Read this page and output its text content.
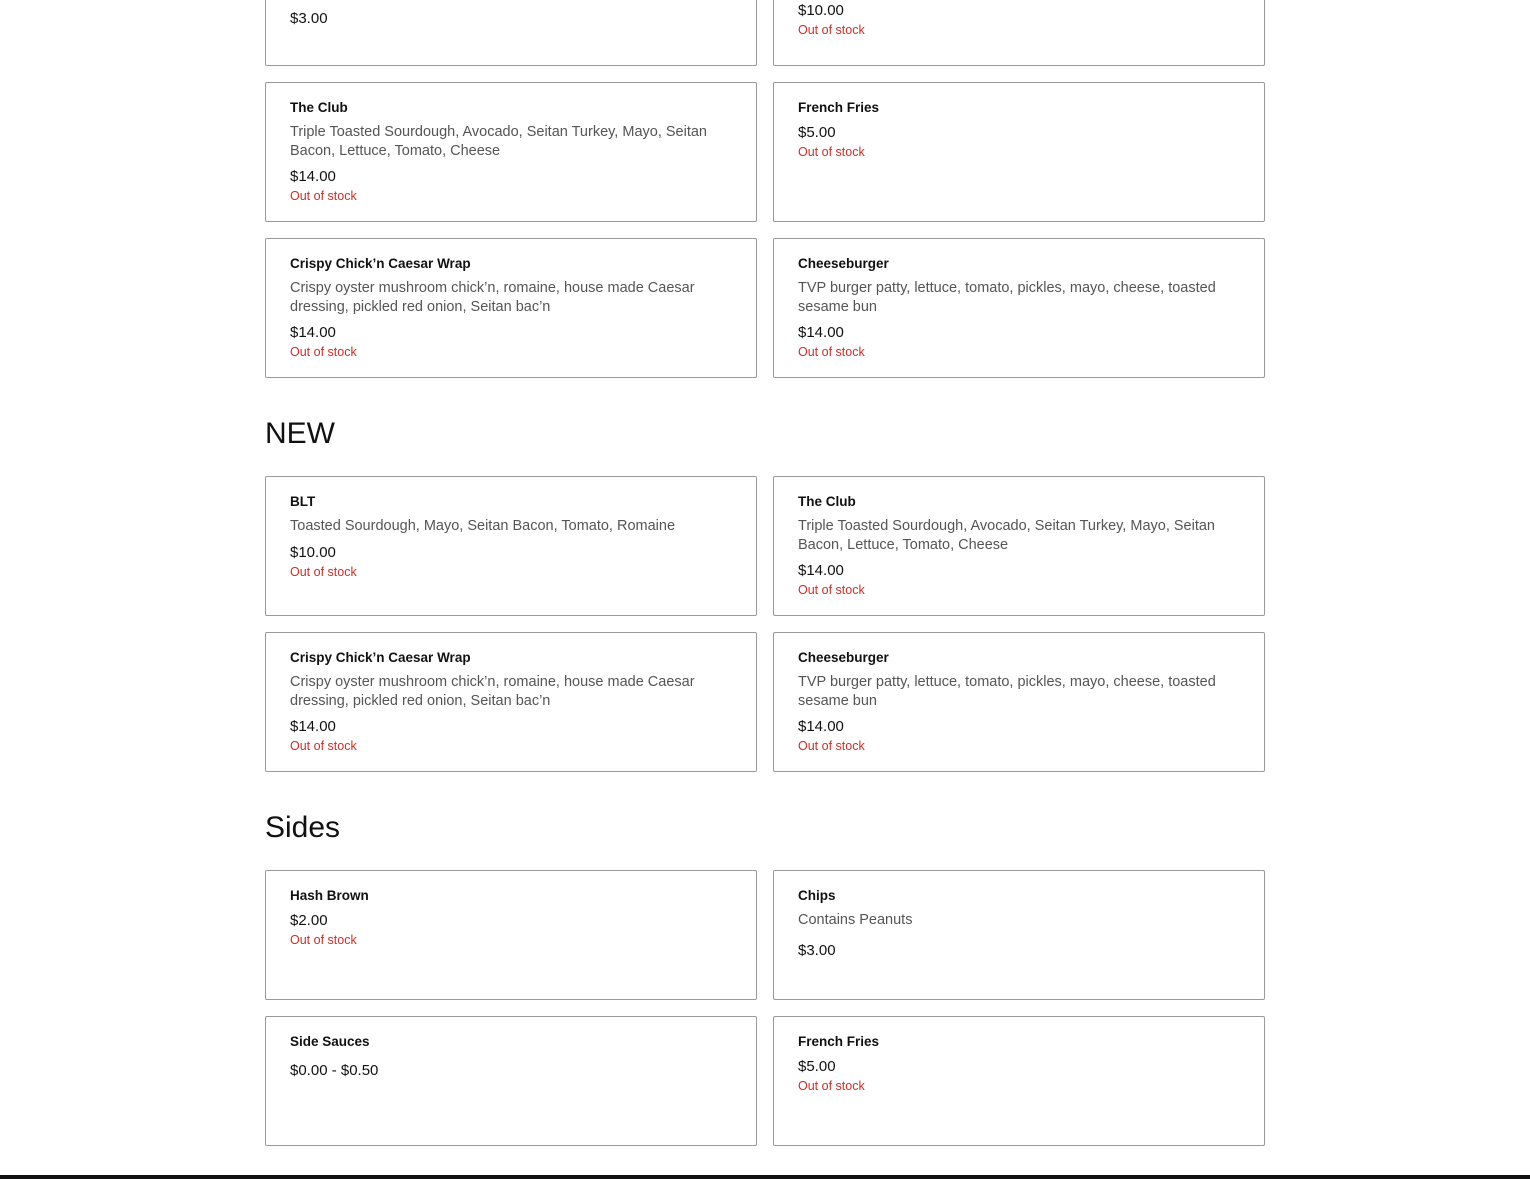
$3.00	$10.00

Out of stock

The Club

Triple Toasted Sourdough, Avocado, Seitan Turkey, Mayo, Seitan Bacon, Lettuce, Tomato, Cheese

$14.00

Out of stock

French Fries

$5.00

Out of stock

Crispy Chick’n Caesar Wrap

Crispy oyster mushroom chick’n, romaine, house made Caesar dressing, pickled red onion, Seitan bac’n

$14.00

Out of stock

Cheeseburger

TVP burger patty, lettuce, tomato, pickles, mayo, cheese, toasted sesame bun

$14.00

Out of stock

NEW

BLT

Toasted Sourdough, Mayo, Seitan Bacon, Tomato, Romaine

$10.00

Out of stock

The Club

Triple Toasted Sourdough, Avocado, Seitan Turkey, Mayo, Seitan Bacon, Lettuce, Tomato, Cheese

$14.00

Out of stock

Crispy Chick’n Caesar Wrap

Crispy oyster mushroom chick’n, romaine, house made Caesar dressing, pickled red onion, Seitan bac’n

$14.00

Out of stock

Cheeseburger

TVP burger patty, lettuce, tomato, pickles, mayo, cheese, toasted sesame bun

$14.00

Out of stock

Sides

Hash Brown

$2.00

Out of stock

Chips

Contains Peanuts

$3.00

Side Sauces

$0.00 - $0.50

French Fries

$5.00

Out of stock
